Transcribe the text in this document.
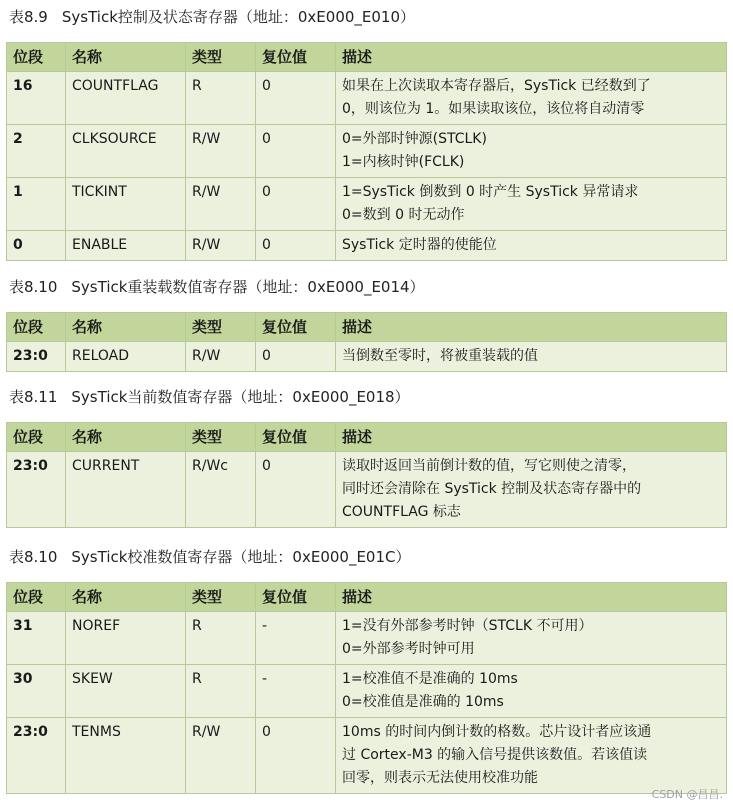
表8.9 SysTick控制及状态寄存器（地址：0xE000_E010）
位段	名称	类型	复位值	描述
16	COUNTFLAG	R	0	如果在上次读取本寄存器后，SysTick 已经数到了
0，则该位为 1。如果读取该位，该位将自动清零

2	CLKSOURCE	R/W	0	0=外部时钟源(STCLK)
1=内核时钟(FCLK)

1	TICKINT	R/W	0	1=SysTick 倒数到 0 时产生 SysTick 异常请求
0=数到 0 时无动作

0	ENABLE	R/W	0	SysTick 定时器的使能位
表8.10 SysTick重装载数值寄存器（地址：0xE000_E014）
位段	名称	类型	复位值	描述
23:0	RELOAD	R/W	0	当倒数至零时，将被重装载的值
表8.11 SysTick当前数值寄存器（地址：0xE000_E018）
位段	名称	类型	复位值	描述
23:0	CURRENT	R/Wc	0	读取时返回当前倒计数的值，写它则使之清零，
同时还会清除在 SysTick 控制及状态寄存器中的
COUNTFLAG 标志
表8.10 SysTick校准数值寄存器（地址：0xE000_E01C）
位段	名称	类型	复位值	描述
31	NOREF	R	-	1=没有外部参考时钟（STCLK 不可用）
0=外部参考时钟可用

30	SKEW	R	-	1=校准值不是准确的 10ms
0=校准值是准确的 10ms

23:0	TENMS	R/W	0	10ms 的时间内倒计数的格数。芯片设计者应该通
过 Cortex-M3 的输入信号提供该数值。若该值读
回零，则表示无法使用校准功能
CSDN @昌昌.
